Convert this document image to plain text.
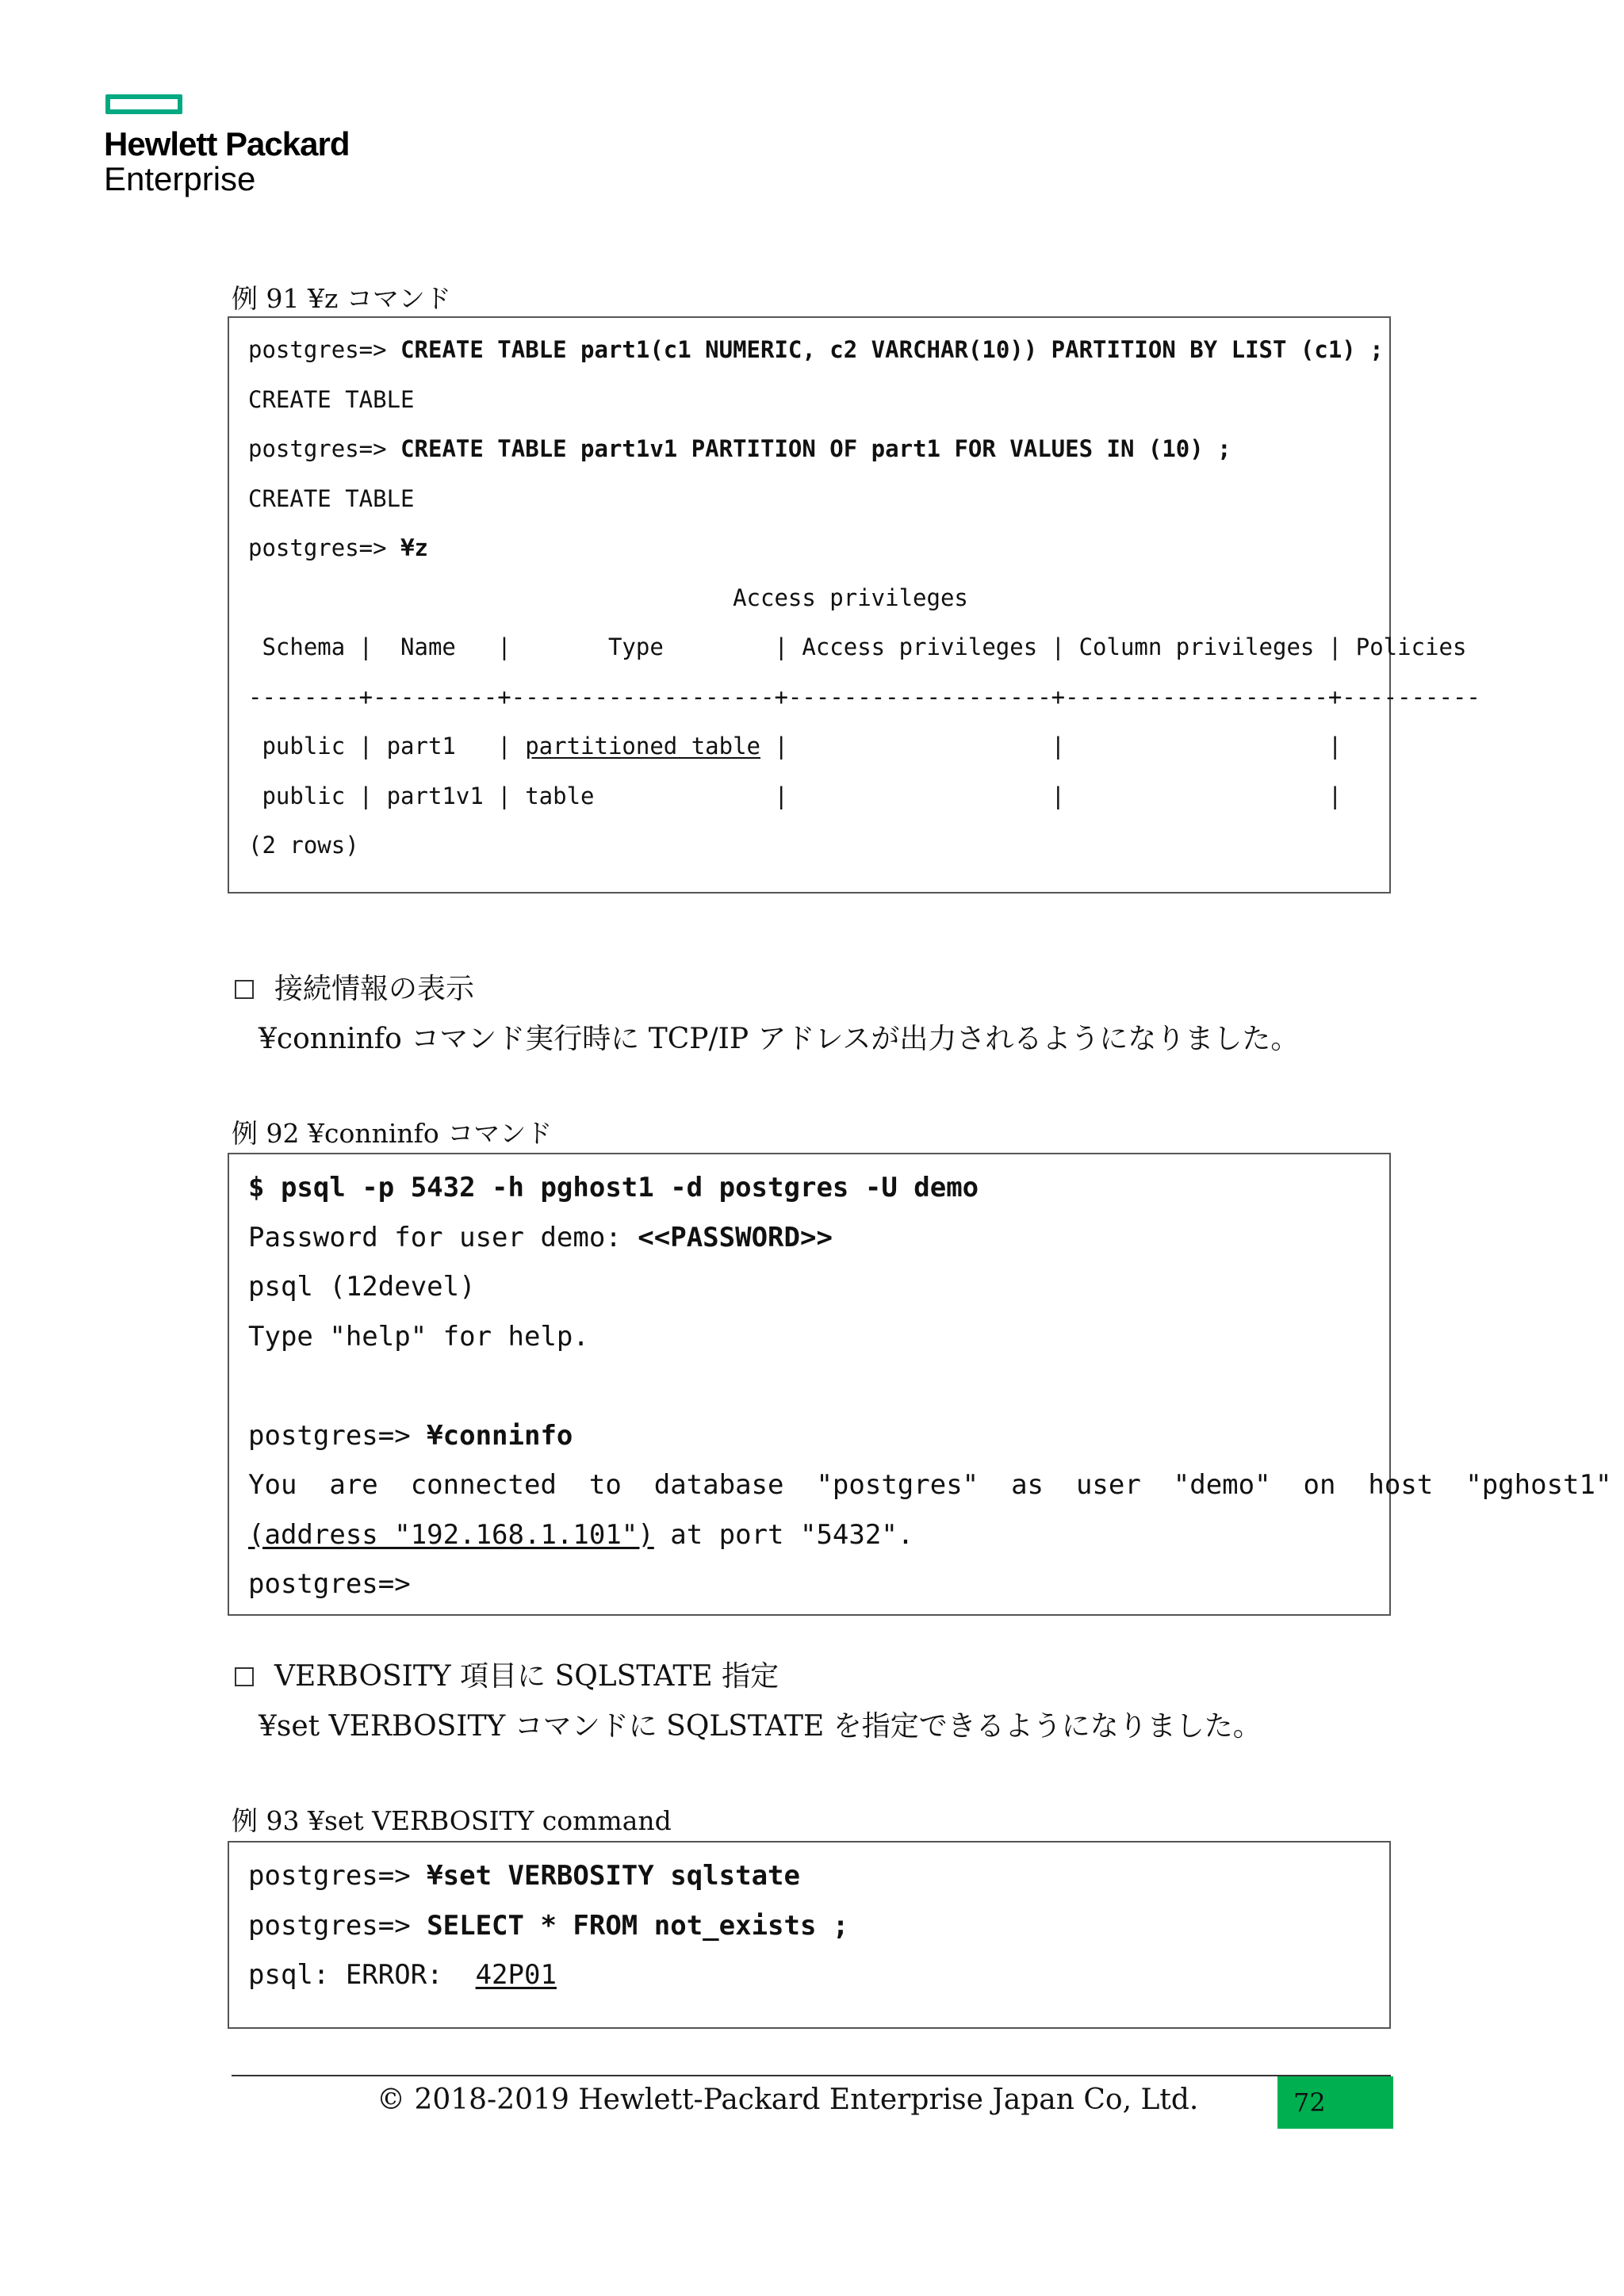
Hewlett Packard
Enterprise
例 91 ¥z コマンド
postgres=> CREATE TABLE part1(c1 NUMERIC, c2 VARCHAR(10)) PARTITION BY LIST (c1) ;
CREATE TABLE
postgres=> CREATE TABLE part1v1 PARTITION OF part1 FOR VALUES IN (10) ;
CREATE TABLE
postgres=> ¥z
Access privileges
Schema |  Name   |       Type        | Access privileges | Column privileges | Policies
--------+---------+-------------------+-------------------+-------------------+----------
public | part1   | partitioned table |                   |                   |
public | part1v1 | table             |                   |                   |
(2 rows)
接続情報の表示
¥conninfo コマンド実行時に TCP/IP アドレスが出力されるようになりました。
例 92 ¥conninfo コマンド
$ psql -p 5432 -h pghost1 -d postgres -U demo
Password for user demo: <<PASSWORD>>
psql (12devel)
Type "help" for help.
postgres=> ¥conninfo
You  are  connected  to  database  "postgres"  as  user  "demo"  on  host  "pghost1"
(address "192.168.1.101") at port "5432".
postgres=>
VERBOSITY 項目に SQLSTATE 指定
¥set VERBOSITY コマンドに SQLSTATE を指定できるようになりました。
例 93 ¥set VERBOSITY command
postgres=> ¥set VERBOSITY sqlstate
postgres=> SELECT * FROM not_exists ;
psql: ERROR:  42P01
© 2018-2019 Hewlett-Packard Enterprise Japan Co, Ltd.	72
